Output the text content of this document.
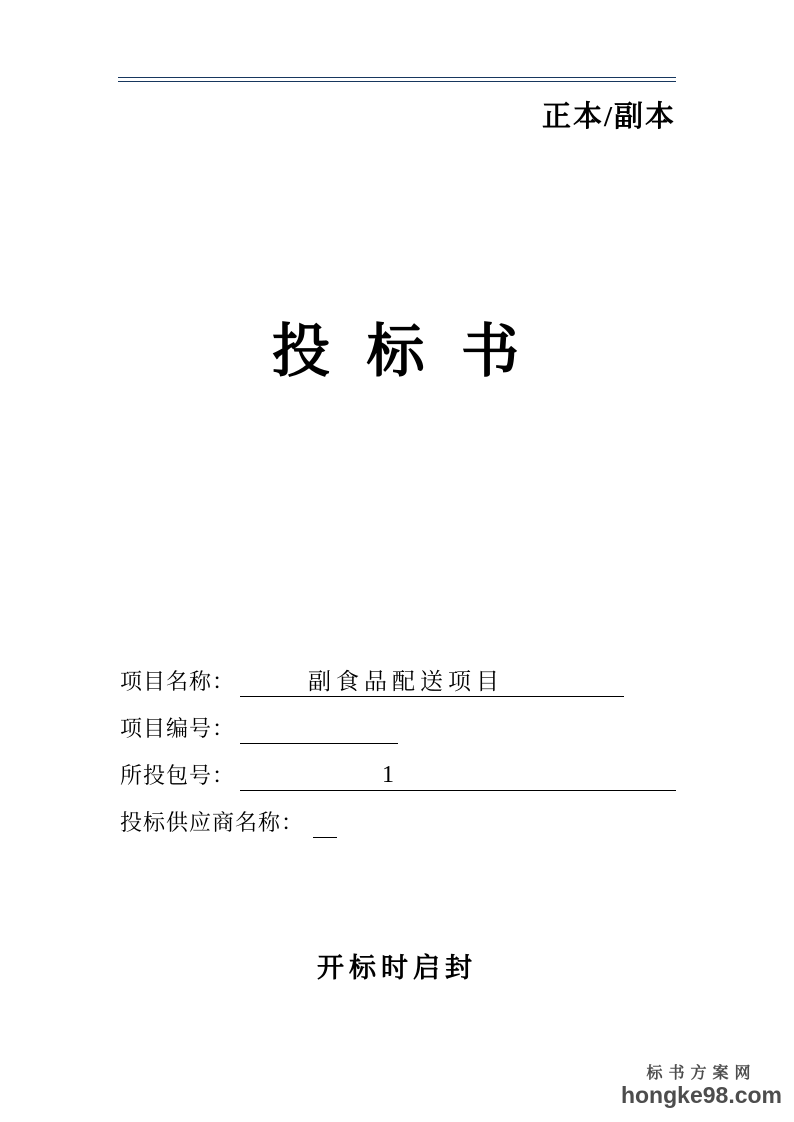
正本/副本
投 标 书
项目名称：	副食品配送项目
项目编号：
所投包号：	1
投标供应商名称：
开标时启封
标书方案网
hongke98.com
